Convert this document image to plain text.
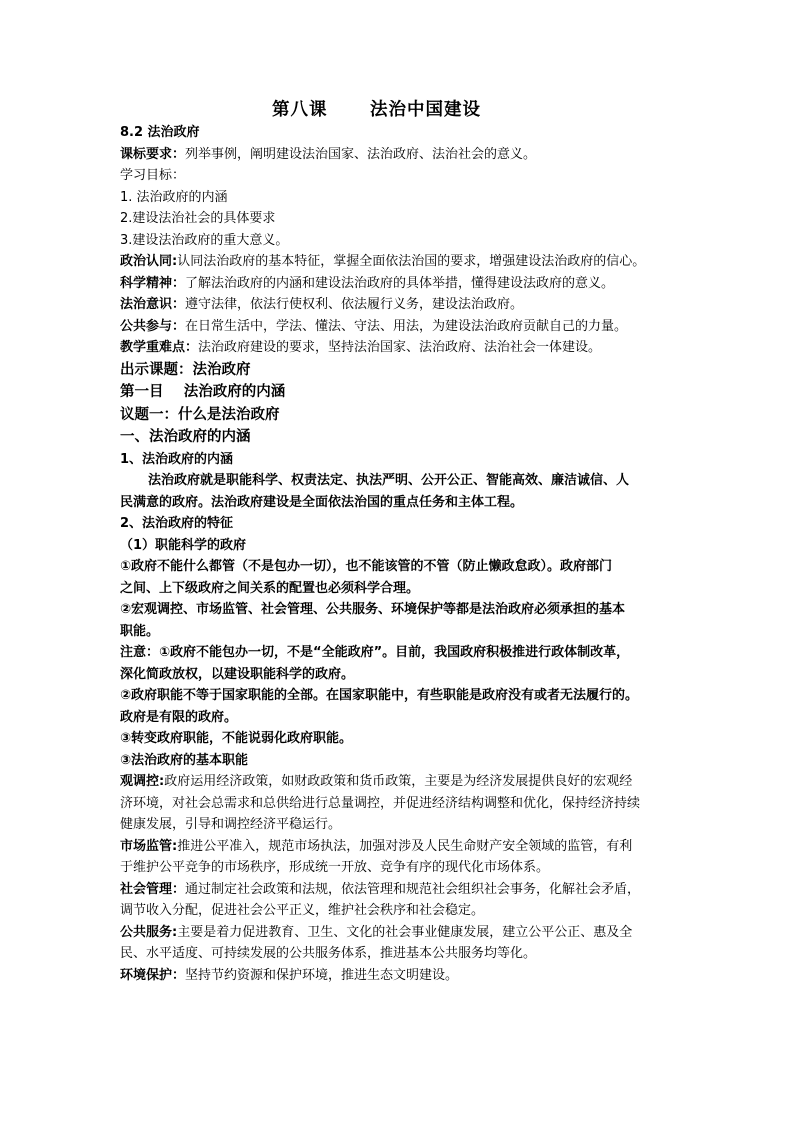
第八课      法治中国建设

8.2 法治政府

课标要求：列举事例，阐明建设法治国家、法治政府、法治社会的意义。

学习目标：

1. 法治政府的内涵

2.建设法治社会的具体要求

3.建设法治政府的重大意义。

政治认同:认同法治政府的基本特征，掌握全面依法治国的要求，增强建设法治政府的信心。

科学精神：了解法治政府的内涵和建设法治政府的具体举措，懂得建设法政府的意义。

法治意识：遵守法律，依法行使权利、依法履行义务，建设法治政府。

公共参与：在日常生活中，学法、懂法、守法、用法，为建设法治政府贡献自己的力量。

教学重难点：法治政府建设的要求，坚持法治国家、法治政府、法治社会一体建设。

出示课题：法治政府

第一目    法治政府的内涵

议题一：什么是法治政府

一、法治政府的内涵

1、法治政府的内涵

法治政府就是职能科学、权责法定、执法严明、公开公正、智能高效、廉洁诚信、人

民满意的政府。法治政府建设是全面依法治国的重点任务和主体工程。

2、法治政府的特征

（1）职能科学的政府

①政府不能什么都管（不是包办一切），也不能该管的不管（防止懒政怠政）。政府部门

之间、上下级政府之间关系的配置也必须科学合理。

②宏观调控、市场监管、社会管理、公共服务、环境保护等都是法治政府必须承担的基本

职能。

注意：①政府不能包办一切，不是“全能政府”。目前，我国政府积极推进行政体制改革，

深化简政放权，以建设职能科学的政府。

②政府职能不等于国家职能的全部。在国家职能中，有些职能是政府没有或者无法履行的。

政府是有限的政府。

③转变政府职能，不能说弱化政府职能。

③法治政府的基本职能

观调控:政府运用经济政策，如财政政策和货币政策，主要是为经济发展提供良好的宏观经

济环境，对社会总需求和总供给进行总量调控，并促进经济结构调整和优化，保持经济持续

健康发展，引导和调控经济平稳运行。

市场监管:推进公平准入，规范市场执法，加强对涉及人民生命财产安全领域的监管，有利

于维护公平竞争的市场秩序，形成统一开放、竞争有序的现代化市场体系。

社会管理：通过制定社会政策和法规，依法管理和规范社会组织社会事务，化解社会矛盾，

调节收入分配，促进社会公平正义，维护社会秩序和社会稳定。

公共服务:主要是着力促进教育、卫生、文化的社会事业健康发展，建立公平公正、惠及全

民、水平适度、可持续发展的公共服务体系，推进基本公共服务均等化。

环境保护：坚持节约资源和保护环境，推进生态文明建设。
